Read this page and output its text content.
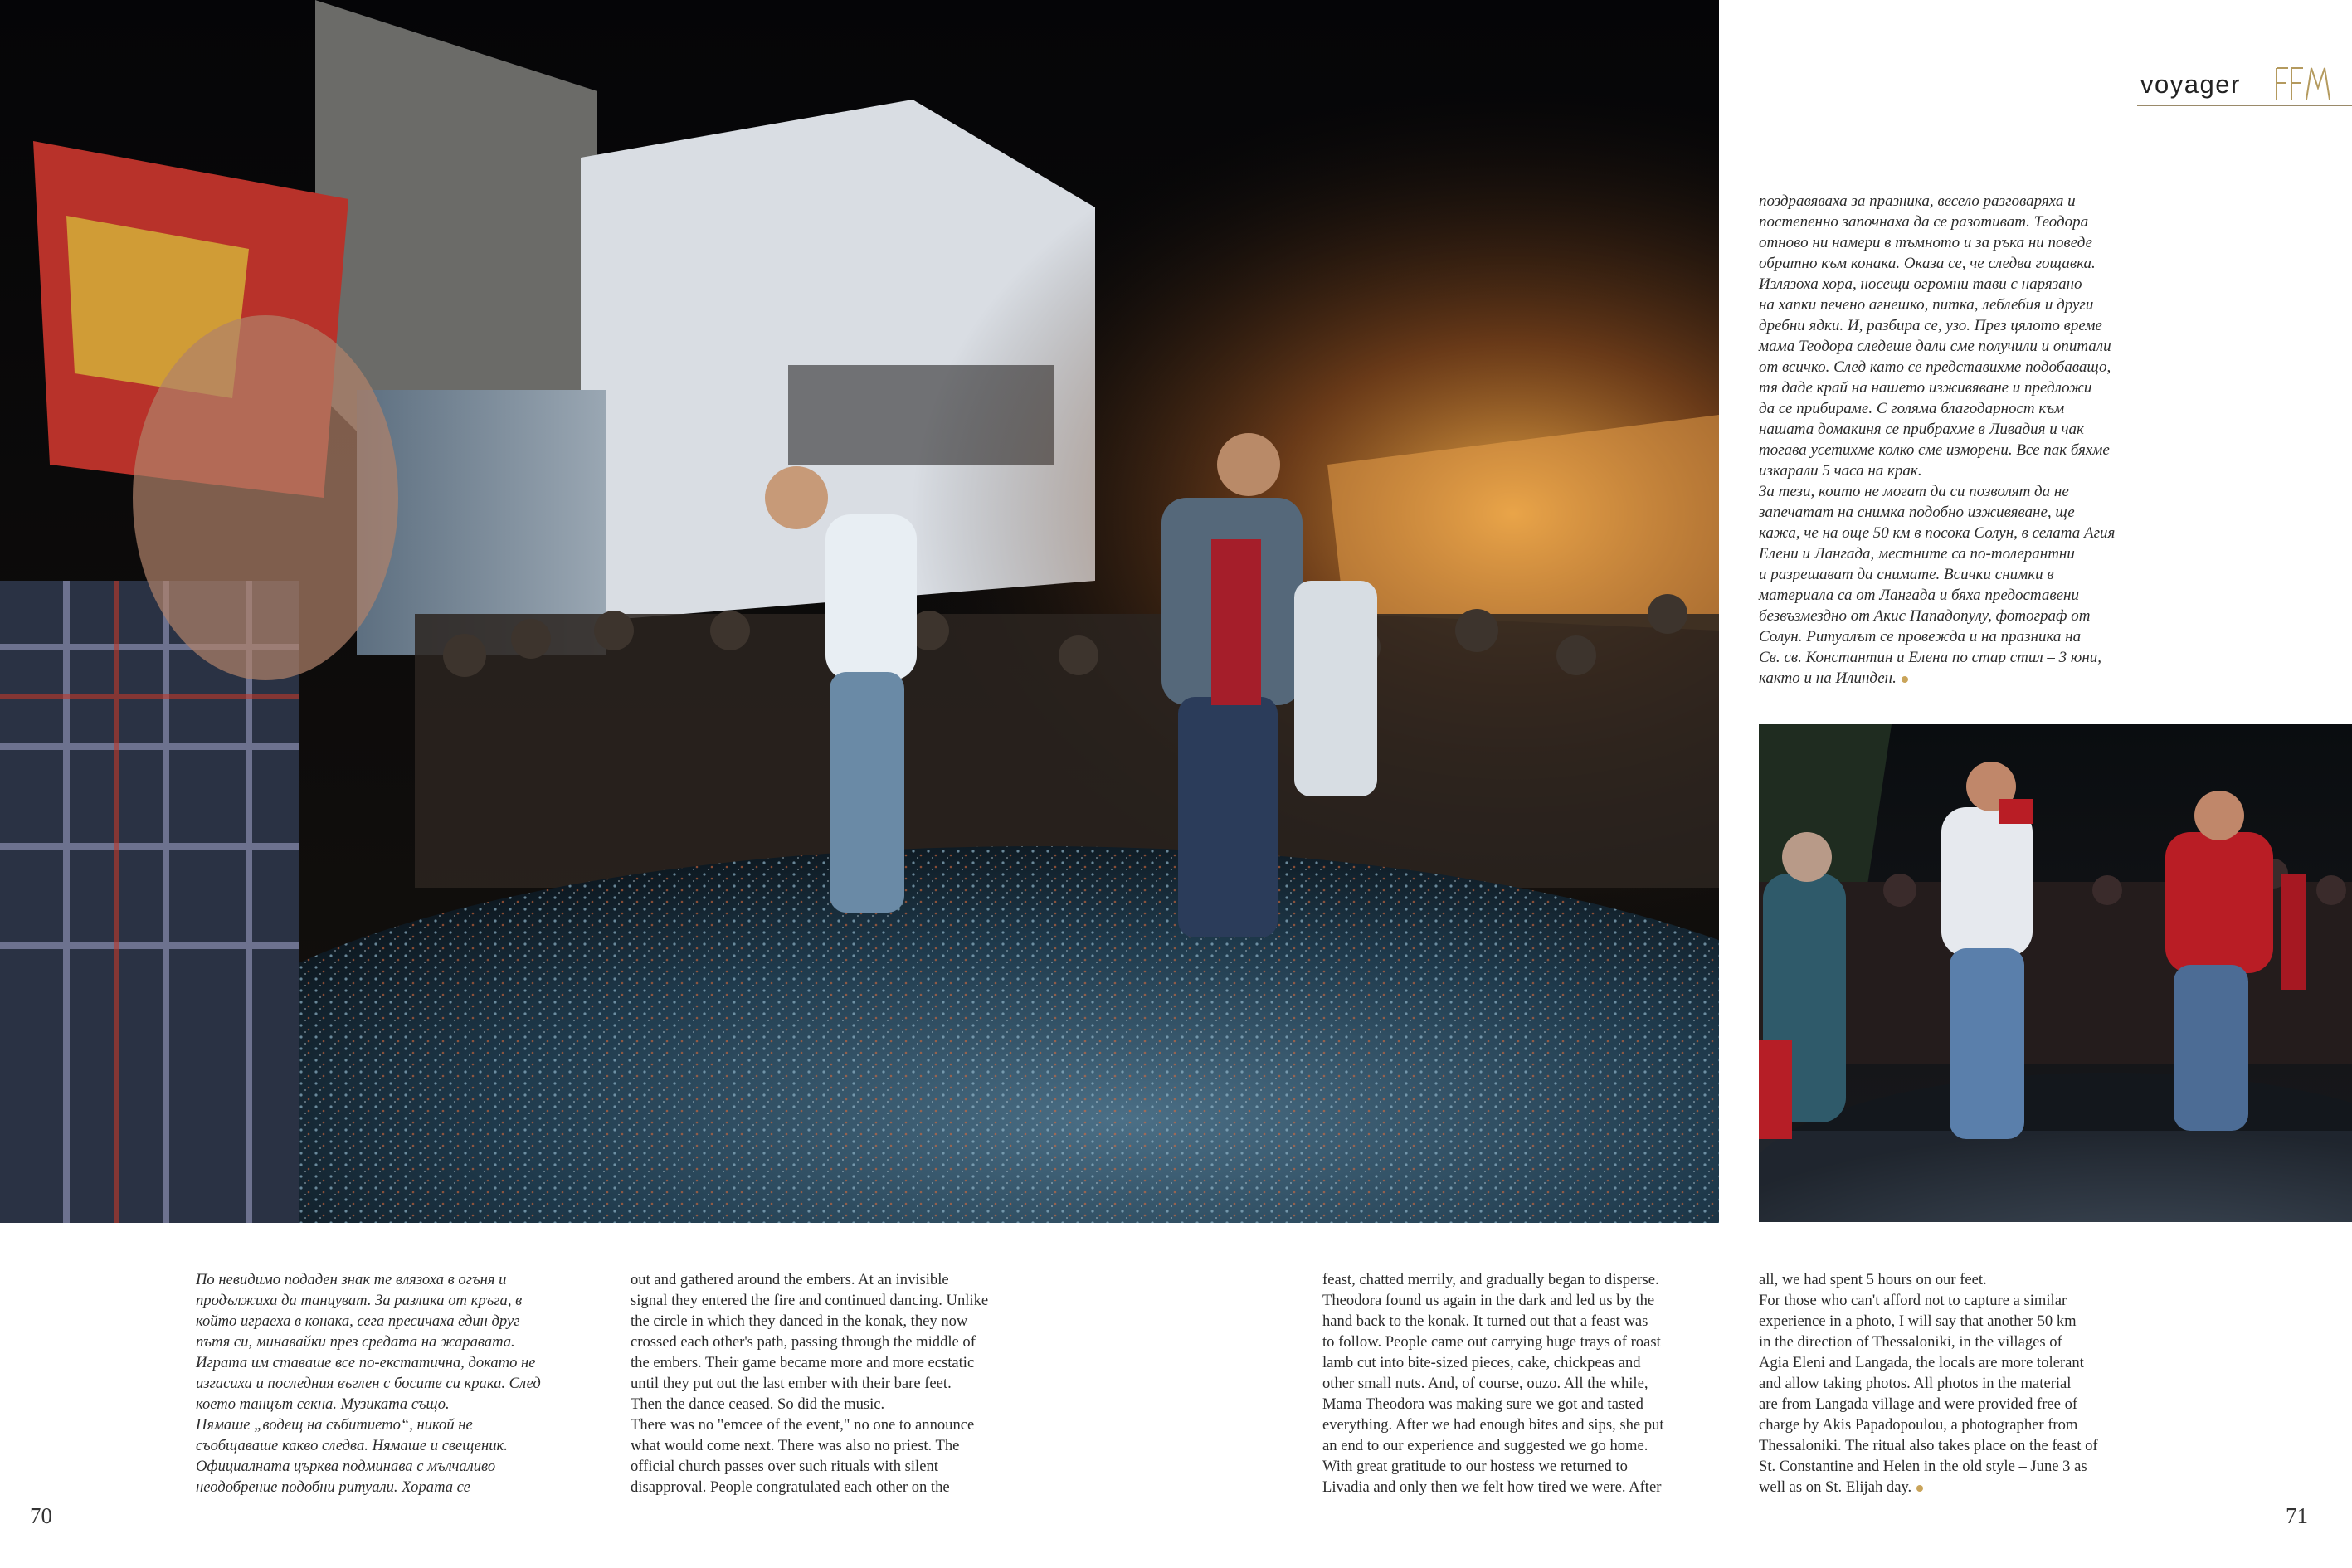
voyager

поздравяваха за празника, весело разговаряха и
постепенно започнаха да се разотиват. Теодора
отново ни намери в тъмното и за ръка ни поведе
обратно към конака. Оказа се, че следва гощавка.
Излязоха хора, носещи огромни тави с нарязано
на хапки печено агнешко, питка, леблебия и други
дребни ядки. И, разбира се, узо. През цялото време
мама Теодора следеше дали сме получили и опитали
от всичко. След като се представихме подобаващо,
тя даде край на нашето изживяване и предложи
да се прибираме. С голяма благодарност към
нашата домакиня се прибрахме в Ливадия и чак
тогава усетихме колко сме изморени. Все пак бяхме
изкарали 5 часа на крак.
За тези, които не могат да си позволят да не
запечатат на снимка подобно изживяване, ще
кажа, че на още 50 км в посока Солун, в селата Агия
Елени и Лангада, местните са по-толерантни
и разрешават да снимате. Всички снимки в
материала са от Лангада и бяха предоставени
безвъзмездно от Акис Пападопулу, фотограф от
Солун. Ритуалът се провежда и на празника на
Св. св. Константин и Елена по стар стил – 3 юни,
както и на Илинден.

По невидимо подаден знак те влязоха в огъня и
продължиха да танцуват. За разлика от кръга, в
който играеха в конака, сега пресичаха един друг
пътя си, минавайки през средата на жаравата.
Играта им ставаше все по-екстатична, докато не
изгасиха и последния въглен с босите си крака. След
което танцът секна. Музиката също.
Нямаше „водещ на събитието“, никой не
съобщаваше какво следва. Нямаше и свещеник.
Официалната църква подминава с мълчаливо
неодобрение подобни ритуали. Хората се

out and gathered around the embers. At an invisible
signal they entered the fire and continued dancing. Unlike
the circle in which they danced in the konak, they now
crossed each other's path, passing through the middle of
the embers. Their game became more and more ecstatic
until they put out the last ember with their bare feet.
Then the dance ceased. So did the music.
There was no "emcee of the event," no one to announce
what would come next. There was also no priest. The
official church passes over such rituals with silent
disapproval. People congratulated each other on the

feast, chatted merrily, and gradually began to disperse.
Theodora found us again in the dark and led us by the
hand back to the konak. It turned out that a feast was
to follow. People came out carrying huge trays of roast
lamb cut into bite-sized pieces, cake, chickpeas and
other small nuts. And, of course, ouzo. All the while,
Mama Theodora was making sure we got and tasted
everything. After we had enough bites and sips, she put
an end to our experience and suggested we go home.
With great gratitude to our hostess we returned to
Livadia and only then we felt how tired we were. After

all, we had spent 5 hours on our feet.
For those who can't afford not to capture a similar
experience in a photo, I will say that another 50 km
in the direction of Thessaloniki, in the villages of
Agia Eleni and Langada, the locals are more tolerant
and allow taking photos. All photos in the material
are from Langada village and were provided free of
charge by Akis Papadopoulou, a photographer from
Thessaloniki. The ritual also takes place on the feast of
St. Constantine and Helen in the old style – June 3 as
well as on St. Elijah day.

70	71
